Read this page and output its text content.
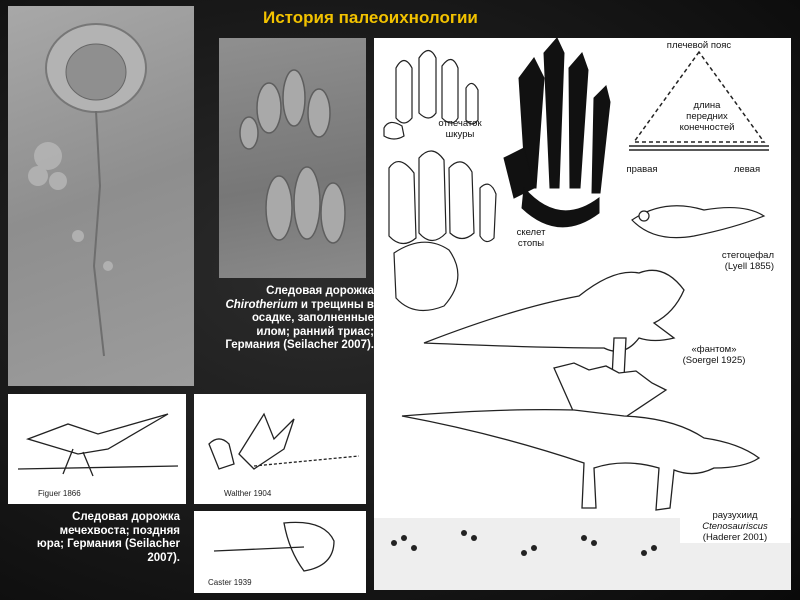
История палеоихнологии
Следовая дорожка
Chirotherium и трещины в
осадке, заполненные
илом; ранний триас;
Германия (Seilacher 2007).
отпечаток
шкуры
скелет
стопы
плечевой пояс
длина
передних
конечностей
правая	левая
стегоцефал
(Lyell 1855)
«фантом»
(Soergel 1925)
раузухиид
Ctenosauriscus
(Haderer 2001)
Figuer 1866	Walther 1904
Следовая дорожка
мечехвоста; поздняя
юра; Германия (Seilacher
2007).
Caster 1939
